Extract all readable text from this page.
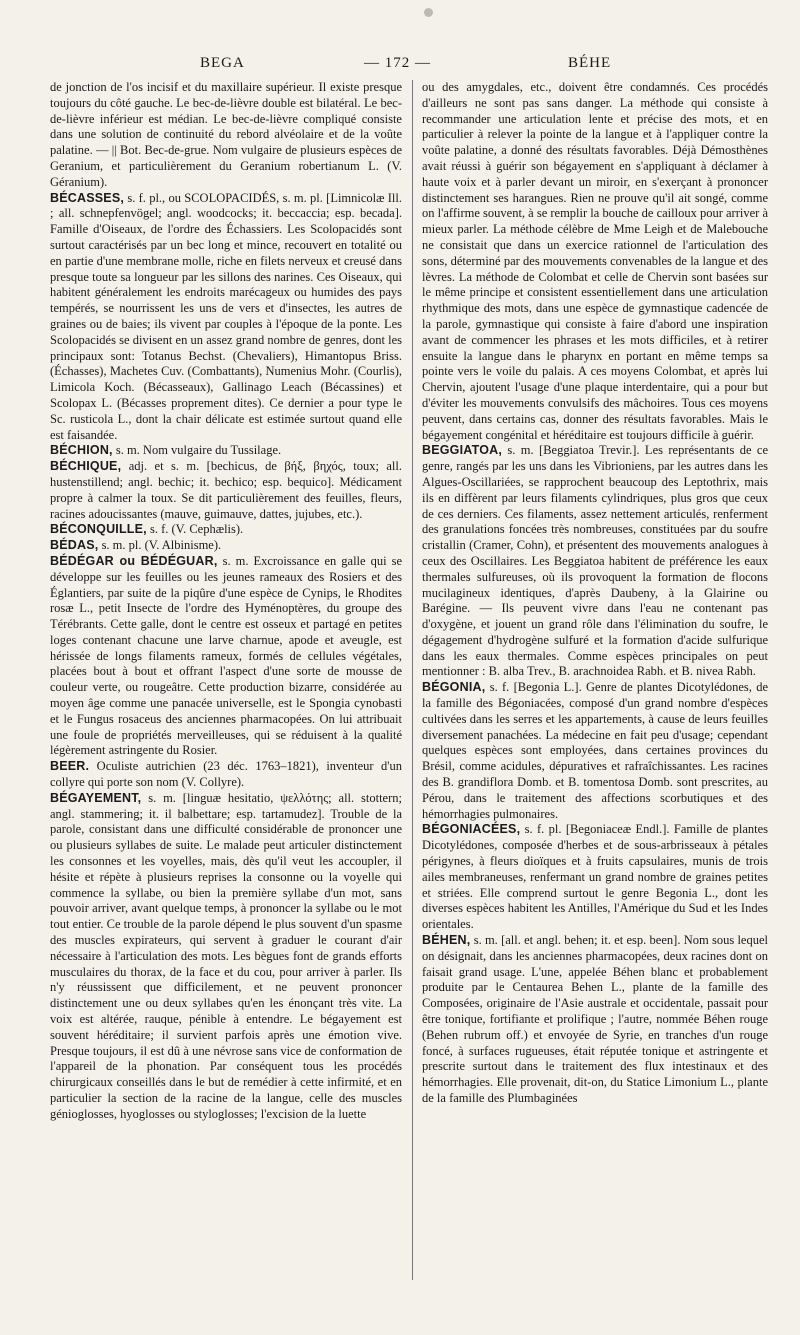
BEGA	— 172 —	BÉHE

de jonction de l'os incisif et du maxillaire supérieur. Il existe presque toujours du côté gauche. Le bec-de-lièvre double est bilatéral. Le bec-de-lièvre inférieur est médian. Le bec-de-lièvre compliqué consiste dans une solution de continuité du rebord alvéolaire et de la voûte palatine. — || Bot. Bec-de-grue. Nom vulgaire de plusieurs espèces de Geranium, et particulièrement du Geranium robertianum L. (V. Géranium).

BÉCASSES, s. f. pl., ou SCOLOPACIDÉS, s. m. pl. [Limnicolæ Ill. ; all. schnepfenvögel; angl. woodcocks; it. beccaccia; esp. becada]. Famille d'Oiseaux, de l'ordre des Échassiers. Les Scolopacidés sont surtout caractérisés par un bec long et mince, recouvert en totalité ou en partie d'une membrane molle, riche en filets nerveux et creusé dans presque toute sa longueur par les sillons des narines. Ces Oiseaux, qui habitent généralement les endroits marécageux ou humides des pays tempérés, se nourrissent les uns de vers et d'insectes, les autres de graines ou de baies; ils vivent par couples à l'époque de la ponte. Les Scolopacidés se divisent en un assez grand nombre de genres, dont les principaux sont: Totanus Bechst. (Chevaliers), Himantopus Briss. (Échasses), Machetes Cuv. (Combattants), Numenius Mohr. (Courlis), Limicola Koch. (Bécasseaux), Gallinago Leach (Bécassines) et Scolopax L. (Bécasses proprement dites). Ce dernier a pour type le Sc. rusticola L., dont la chair délicate est estimée surtout quand elle est faisandée.

BÉCHION, s. m. Nom vulgaire du Tussilage.

BÉCHIQUE, adj. et s. m. [bechicus, de βήξ, βηχός, toux; all. hustenstillend; angl. bechic; it. bechico; esp. bequico]. Médicament propre à calmer la toux. Se dit particulièrement des feuilles, fleurs, racines adoucissantes (mauve, guimauve, dattes, jujubes, etc.).

BÉCONQUILLE, s. f. (V. Cephælis).

BÉDAS, s. m. pl. (V. Albinisme).

BÉDÉGAR ou BÉDÉGUAR, s. m. Excroissance en galle qui se développe sur les feuilles ou les jeunes rameaux des Rosiers et des Églantiers, par suite de la piqûre d'une espèce de Cynips, le Rhodites rosæ L., petit Insecte de l'ordre des Hyménoptères, du groupe des Térébrants. Cette galle, dont le centre est osseux et partagé en petites loges contenant chacune une larve charnue, apode et aveugle, est hérissée de longs filaments rameux, formés de cellules végétales, placées bout à bout et offrant l'aspect d'une sorte de mousse de couleur verte, ou rougeâtre. Cette production bizarre, considérée au moyen âge comme une panacée universelle, est le Spongia cynobasti et le Fungus rosaceus des anciennes pharmacopées. On lui attribuait une foule de propriétés merveilleuses, qui se réduisent à la qualité légèrement astringente du Rosier.

BEER. Oculiste autrichien (23 déc. 1763–1821), inventeur d'un collyre qui porte son nom (V. Collyre).

BÉGAYEMENT, s. m. [linguæ hesitatio, ψελλότης; all. stottern; angl. stammering; it. il balbettare; esp. tartamudez]. Trouble de la parole, consistant dans une difficulté considérable de prononcer une ou plusieurs syllabes de suite. Le malade peut articuler distinctement les consonnes et les voyelles, mais, dès qu'il veut les accoupler, il hésite et répète à plusieurs reprises la consonne ou la voyelle qui commence la syllabe, ou bien la première syllabe d'un mot, sans pouvoir arriver, avant quelque temps, à prononcer la syllabe ou le mot tout entier. Ce trouble de la parole dépend le plus souvent d'un spasme des muscles expirateurs, qui servent à graduer le courant d'air nécessaire à l'articulation des mots. Les bègues font de grands efforts musculaires du thorax, de la face et du cou, pour arriver à parler. Ils n'y réussissent que difficilement, et ne peuvent prononcer distinctement une ou deux syllabes qu'en les énonçant très vite. La voix est altérée, rauque, pénible à entendre. Le bégayement est souvent héréditaire; il survient parfois après une émotion vive. Presque toujours, il est dû à une névrose sans vice de conformation de l'appareil de la phonation. Par conséquent tous les procédés chirurgicaux conseillés dans le but de remédier à cette infirmité, et en particulier la section de la racine de la langue, celle des muscles génioglosses, hyoglosses ou styloglosses; l'excision de la luette

ou des amygdales, etc., doivent être condamnés. Ces procédés d'ailleurs ne sont pas sans danger. La méthode qui consiste à recommander une articulation lente et précise des mots, et en particulier à relever la pointe de la langue et à l'appliquer contre la voûte palatine, a donné des résultats favorables. Déjà Démosthènes avait réussi à guérir son bégayement en s'appliquant à déclamer à haute voix et à parler devant un miroir, en s'exerçant à prononcer distinctement ses harangues. Rien ne prouve qu'il ait songé, comme on l'affirme souvent, à se remplir la bouche de cailloux pour arriver à mieux parler. La méthode célèbre de Mme Leigh et de Malebouche ne consistait que dans un exercice rationnel de l'articulation des sons, déterminé par des mouvements convenables de la langue et des lèvres. La méthode de Colombat et celle de Chervin sont basées sur le même principe et consistent essentiellement dans une articulation rhythmique des mots, dans une espèce de gymnastique cadencée de la parole, gymnastique qui consiste à faire d'abord une inspiration avant de commencer les phrases et les mots difficiles, et à retirer ensuite la langue dans le pharynx en portant en même temps sa pointe vers le voile du palais. A ces moyens Colombat, et après lui Chervin, ajoutent l'usage d'une plaque interdentaire, qui a pour but d'éviter les mouvements convulsifs des mâchoires. Tous ces moyens peuvent, dans certains cas, donner des résultats favorables. Mais le bégayement congénital et héréditaire est toujours difficile à guérir.

BEGGIATOA, s. m. [Beggiatoa Trevir.]. Les représentants de ce genre, rangés par les uns dans les Vibrioniens, par les autres dans les Algues-Oscillariées, se rapprochent beaucoup des Leptothrix, mais ils en diffèrent par leurs filaments cylindriques, plus gros que ceux de ces derniers. Ces filaments, assez nettement articulés, renferment des granulations foncées très nombreuses, constituées par du soufre cristallin (Cramer, Cohn), et présentent des mouvements analogues à ceux des Oscillaires. Les Beggiatoa habitent de préférence les eaux thermales sulfureuses, où ils provoquent la formation de flocons mucilagineux identiques, d'après Daubeny, à la Glairine ou Barégine. — Ils peuvent vivre dans l'eau ne contenant pas d'oxygène, et jouent un grand rôle dans l'élimination du soufre, le dégagement d'hydrogène sulfuré et la formation d'acide sulfurique dans les eaux thermales. Comme espèces principales on peut mentionner : B. alba Trev., B. arachnoidea Rabh. et B. nivea Rabh.

BÉGONIA, s. f. [Begonia L.]. Genre de plantes Dicotylédones, de la famille des Bégoniacées, composé d'un grand nombre d'espèces cultivées dans les serres et les appartements, à cause de leurs feuilles diversement panachées. La médecine en fait peu d'usage; cependant quelques espèces sont employées, dans certaines provinces du Brésil, comme acidules, dépuratives et rafraîchissantes. Les racines des B. grandiflora Domb. et B. tomentosa Domb. sont prescrites, au Pérou, dans le traitement des affections scorbutiques et des hémorrhagies pulmonaires.

BÉGONIACÉES, s. f. pl. [Begoniaceæ Endl.]. Famille de plantes Dicotylédones, composée d'herbes et de sous-arbrisseaux à pétales périgynes, à fleurs dioïques et à fruits capsulaires, munis de trois ailes membraneuses, renfermant un grand nombre de graines petites et striées. Elle comprend surtout le genre Begonia L., dont les diverses espèces habitent les Antilles, l'Amérique du Sud et les Indes orientales.

BÉHEN, s. m. [all. et angl. behen; it. et esp. been]. Nom sous lequel on désignait, dans les anciennes pharmacopées, deux racines dont on faisait grand usage. L'une, appelée Béhen blanc et probablement produite par le Centaurea Behen L., plante de la famille des Composées, originaire de l'Asie australe et occidentale, passait pour être tonique, fortifiante et prolifique ; l'autre, nommée Béhen rouge (Behen rubrum off.) et envoyée de Syrie, en tranches d'un rouge foncé, à surfaces rugueuses, était réputée tonique et astringente et prescrite surtout dans le traitement des flux intestinaux et des hémorrhagies. Elle provenait, dit-on, du Statice Limonium L., plante de la famille des Plumbaginées
